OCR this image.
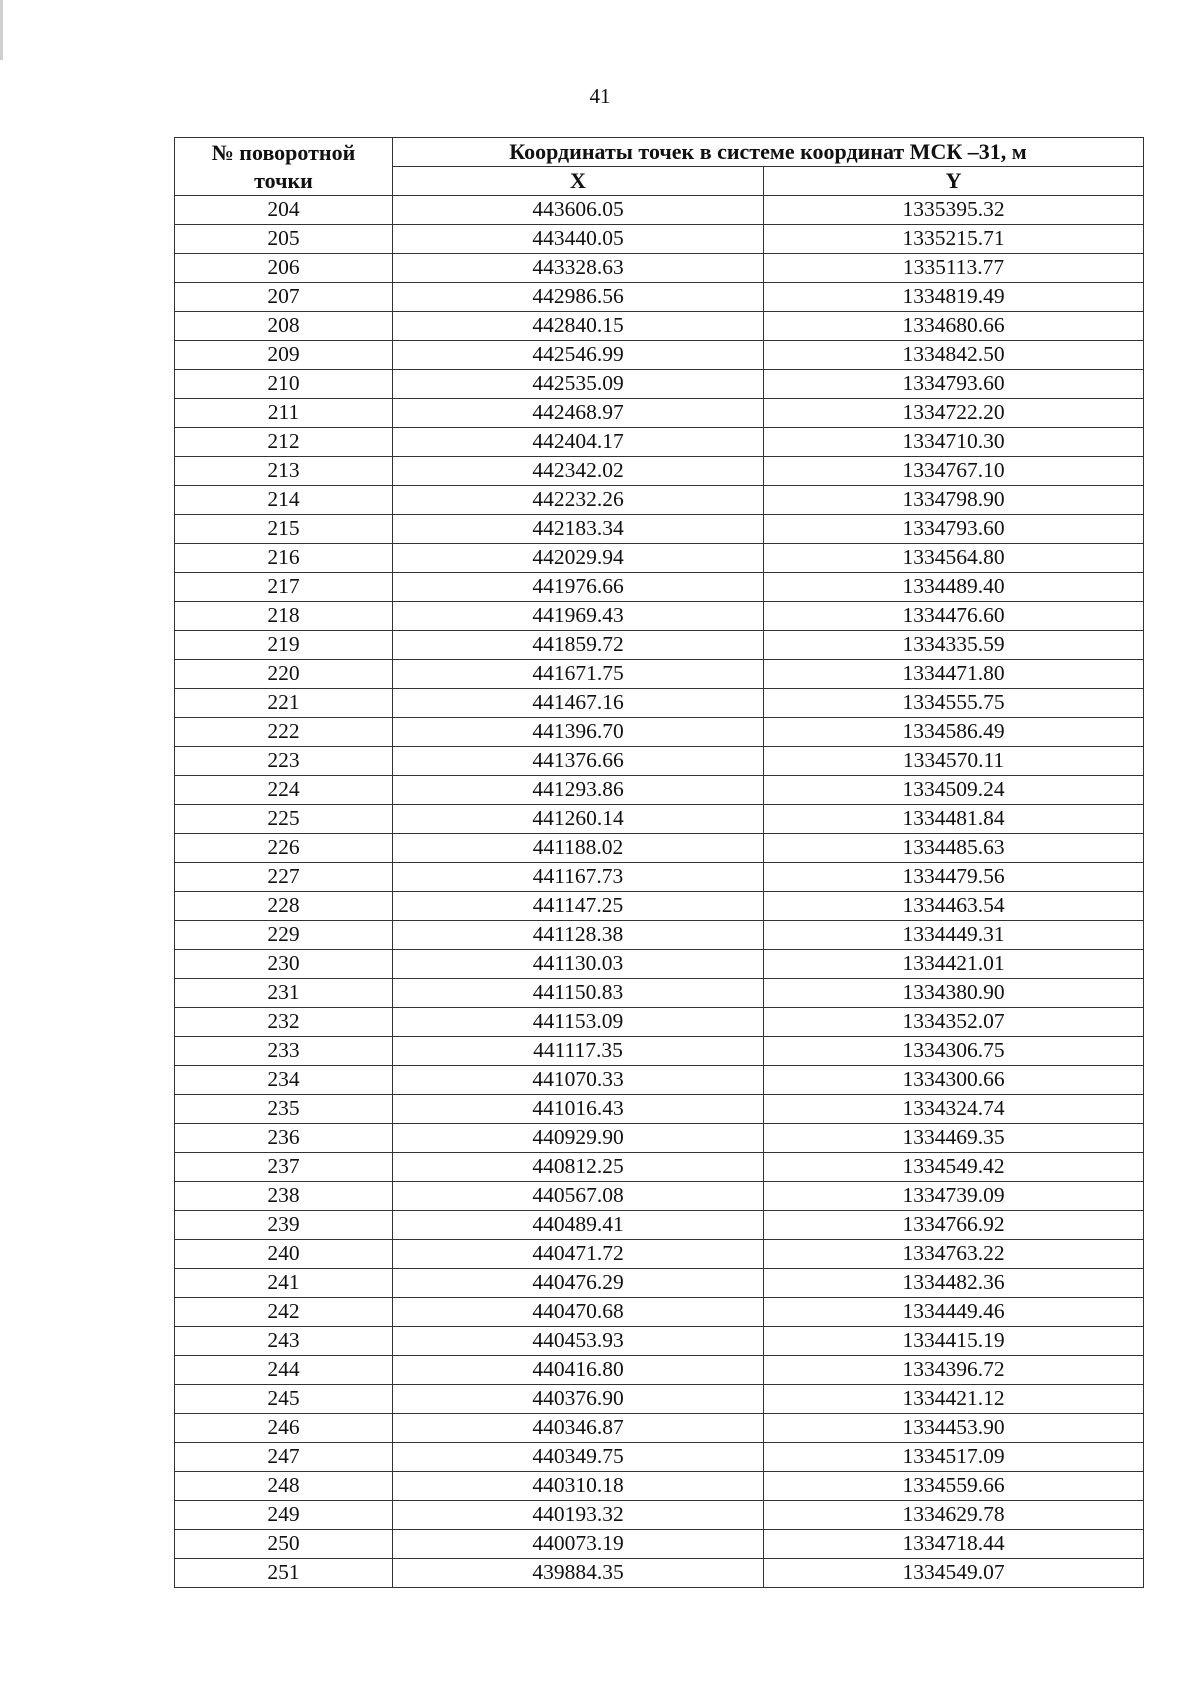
41
№ поворотной
точки	Координаты точек в системе координат МСК –31, м	
	X	Y
204	443606.05	1335395.32
205	443440.05	1335215.71
206	443328.63	1335113.77
207	442986.56	1334819.49
208	442840.15	1334680.66
209	442546.99	1334842.50
210	442535.09	1334793.60
211	442468.97	1334722.20
212	442404.17	1334710.30
213	442342.02	1334767.10
214	442232.26	1334798.90
215	442183.34	1334793.60
216	442029.94	1334564.80
217	441976.66	1334489.40
218	441969.43	1334476.60
219	441859.72	1334335.59
220	441671.75	1334471.80
221	441467.16	1334555.75
222	441396.70	1334586.49
223	441376.66	1334570.11
224	441293.86	1334509.24
225	441260.14	1334481.84
226	441188.02	1334485.63
227	441167.73	1334479.56
228	441147.25	1334463.54
229	441128.38	1334449.31
230	441130.03	1334421.01
231	441150.83	1334380.90
232	441153.09	1334352.07
233	441117.35	1334306.75
234	441070.33	1334300.66
235	441016.43	1334324.74
236	440929.90	1334469.35
237	440812.25	1334549.42
238	440567.08	1334739.09
239	440489.41	1334766.92
240	440471.72	1334763.22
241	440476.29	1334482.36
242	440470.68	1334449.46
243	440453.93	1334415.19
244	440416.80	1334396.72
245	440376.90	1334421.12
246	440346.87	1334453.90
247	440349.75	1334517.09
248	440310.18	1334559.66
249	440193.32	1334629.78
250	440073.19	1334718.44
251	439884.35	1334549.07
